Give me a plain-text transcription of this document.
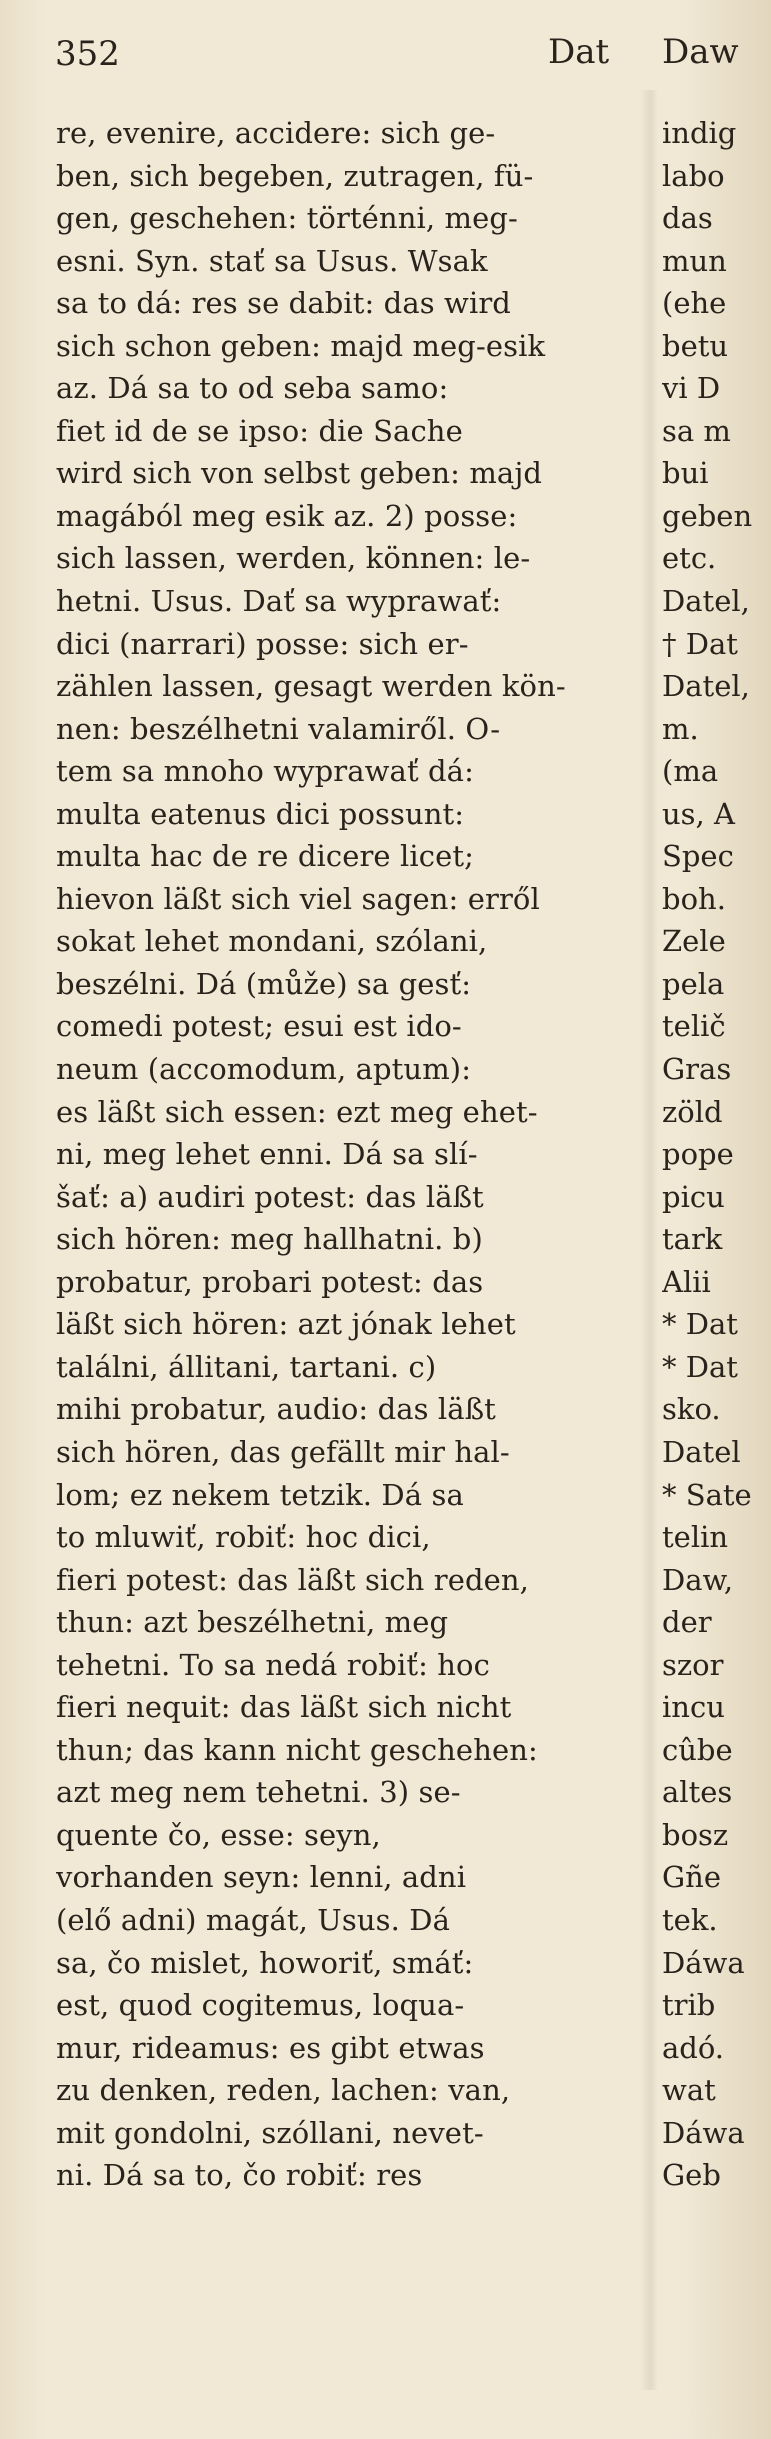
352	Dat Daw
re, evenire, accidere: sich ge-
ben, sich begeben, zutragen, fü-
gen, geschehen: történni, meg-
esni. Syn. stať sa Usus. Wsak
sa to dá: res se dabit: das wird
sich schon geben: majd meg-esik
az. Dá sa to od seba samo:
fiet id de se ipso: die Sache
wird sich von selbst geben: majd
magából meg esik az. 2) posse:
sich lassen, werden, können: le-
hetni. Usus. Dať sa wyprawať:
dici (narrari) posse: sich er-
zählen lassen, gesagt werden kön-
nen: beszélhetni valamiről. O-
tem sa mnoho wyprawať dá:
multa eatenus dici possunt:
multa hac de re dicere licet;
hievon läßt sich viel sagen: erről
sokat lehet mondani, szólani,
beszélni. Dá (může) sa gesť:
comedi potest; esui est ido-
neum (accomodum, aptum):
es läßt sich essen: ezt meg ehet-
ni, meg lehet enni. Dá sa slí-
šať: a) audiri potest: das läßt
sich hören: meg hallhatni. b)
probatur, probari potest: das
läßt sich hören: azt jónak lehet
találni, állitani, tartani. c)
mihi probatur, audio: das läßt
sich hören, das gefällt mir hal-
lom; ez nekem tetzik. Dá sa
to mluwiť, robiť: hoc dici,
fieri potest: das läßt sich reden,
thun: azt beszélhetni, meg
tehetni. To sa nedá robiť: hoc
fieri nequit: das läßt sich nicht
thun; das kann nicht geschehen:
azt meg nem tehetni. 3) se-
quente čo, esse: seyn,
vorhanden seyn: lenni, adni
(elő adni) magát, Usus. Dá
sa, čo mislet, howoriť, smáť:
est, quod cogitemus, loqua-
mur, rideamus: es gibt etwas
zu denken, reden, lachen: van,
mit gondolni, szóllani, nevet-
ni. Dá sa to, čo robiť: res
indig
labo
das
mun
(ehe
betu
vi D
sa m
bui
geben
etc.
Datel,
† Dat
Datel,
m.
(ma
us, A
Spec
boh.
Zele
pela
telič
Gras
zöld
pope
picu
tark
Alii
* Dat
* Dat
sko.
Datel
* Sate
telin
Daw,
der
szor
incu
cûbe
altes
bosz
Gñe
tek.
Dáwa
trib
adó.
wat
Dáwa
Geb
